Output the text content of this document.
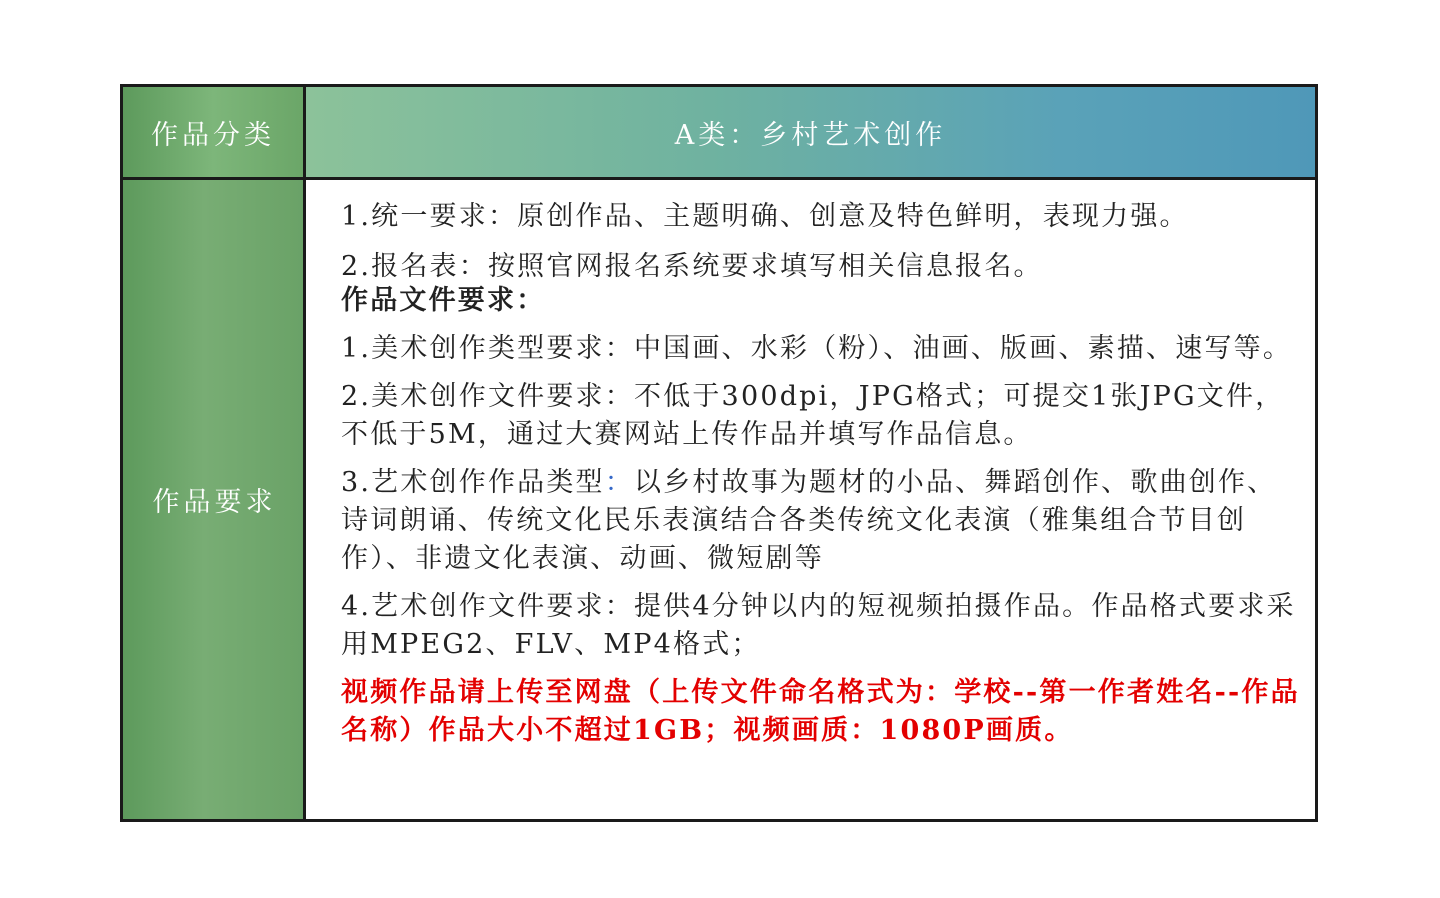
作品分类	A类：乡村艺术创作
作品要求

1.统一要求：原创作品、主题明确、创意及特色鲜明，表现力强。

2.报名表：按照官网报名系统要求填写相关信息报名。

作品文件要求：

1.美术创作类型要求：中国画、水彩（粉）、油画、版画、素描、速写等。

2.美术创作文件要求：不低于300dpi，JPG格式；可提交1张JPG文件，不低于5M，通过大赛网站上传作品并填写作品信息。

3.艺术创作作品类型：以乡村故事为题材的小品、舞蹈创作、歌曲创作、诗词朗诵、传统文化民乐表演结合各类传统文化表演（雅集组合节目创作）、非遗文化表演、动画、微短剧等

4.艺术创作文件要求：提供4分钟以内的短视频拍摄作品。作品格式要求采用MPEG2、FLV、MP4格式；

视频作品请上传至网盘（上传文件命名格式为：学校--第一作者姓名--作品名称）作品大小不超过1GB；视频画质：1080P画质。
